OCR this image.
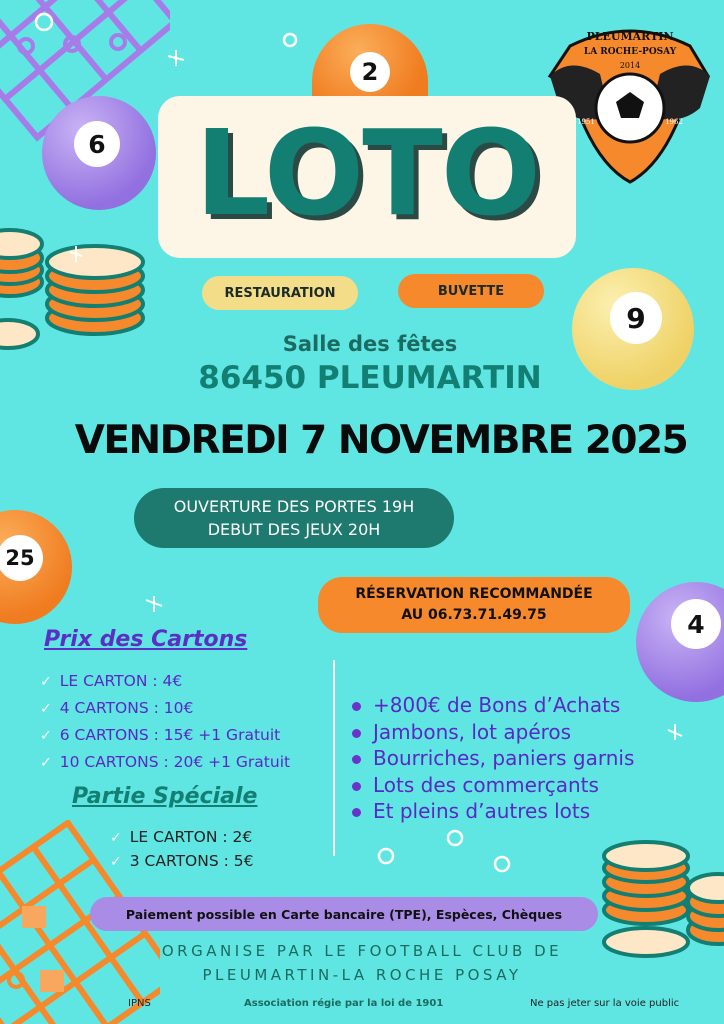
2
6
9
25
4
PLEUMARTIN
LA ROCHE-POSAY
2014
1951	1962
LOTO
RESTAURATION	BUVETTE
Salle des fêtes
86450 PLEUMARTIN
VENDREDI 7 NOVEMBRE 2025
OUVERTURE DES PORTES 19H
DEBUT DES JEUX 20H
RÉSERVATION RECOMMANDÉE
AU 06.73.71.49.75
Prix des Cartons
✓ LE CARTON : 4€
✓ 4 CARTONS : 10€
✓ 6 CARTONS : 15€ +1 Gratuit
✓ 10 CARTONS : 20€ +1 Gratuit
Partie Spéciale
✓ LE CARTON : 2€
✓ 3 CARTONS : 5€
+800€ de Bons d’Achats
Jambons, lot apéros
Bourriches, paniers garnis
Lots des commerçants
Et pleins d’autres lots
Paiement possible en Carte bancaire (TPE), Espèces, Chèques
ORGANISE PAR LE FOOTBALL CLUB DE
PLEUMARTIN-LA ROCHE POSAY
IPNS	Association régie par la loi de 1901	Ne pas jeter sur la voie public
